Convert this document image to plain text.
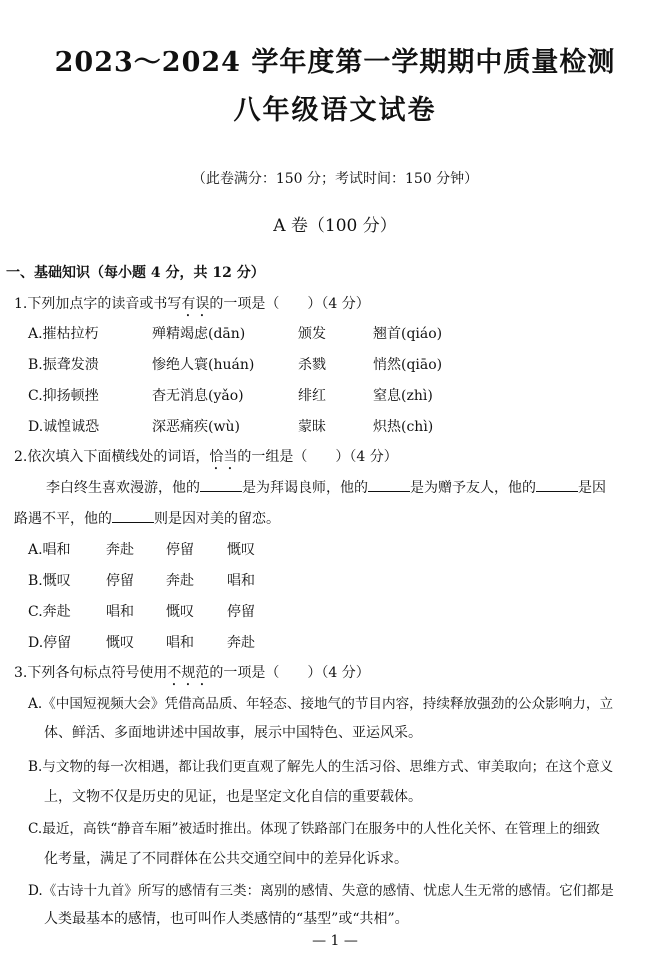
2023～2024 学年度第一学期期中质量检测
八年级语文试卷
（此卷满分：150 分；考试时间：150 分钟）
A 卷（100 分）
一、基础知识（每小题 4 分，共 12 分）
1.下列加点字的读音或书写有误的一项是（ ）（4 分）
A.摧枯拉朽	殚精竭虑(dān)	颁发	翘首(qiáo)
B.振聋发溃	惨绝人寰(huán)	杀戮	悄然(qiāo)
C.抑扬顿挫	杳无消息(yǎo)	绯红	窒息(zhì)
D.诚惶诚恐	深恶痛疾(wù)	蒙昧	炽热(chì)
2.依次填入下面横线处的词语，恰当的一组是（ ）（4 分）
李白终生喜欢漫游，他的	是为拜谒良师，他的	是为赠予友人，他的	是因
路遇不平，他的	则是因对美的留恋。
A.唱和	奔赴 停留 慨叹
B.慨叹	停留 奔赴 唱和
C.奔赴	唱和 慨叹 停留
D.停留 慨叹 唱和 奔赴
3.下列各句标点符号使用不规范的一项是（ ）（4 分）
A.《中国短视频大会》凭借高品质、年轻态、接地气的节目内容，持续释放强劲的公众影响力，立
体、鲜活、多面地讲述中国故事，展示中国特色、亚运风采。
B.与文物的每一次相遇，都让我们更直观了解先人的生活习俗、思维方式、审美取向；在这个意义
上，文物不仅是历史的见证，也是坚定文化自信的重要载体。
C.最近，高铁“静音车厢”被适时推出。体现了铁路部门在服务中的人性化关怀、在管理上的细致
化考量，满足了不同群体在公共交通空间中的差异化诉求。
D.《古诗十九首》所写的感情有三类：离别的感情、失意的感情、忧虑人生无常的感情。它们都是
人类最基本的感情，也可叫作人类感情的“基型”或“共相”。
— 1 —
